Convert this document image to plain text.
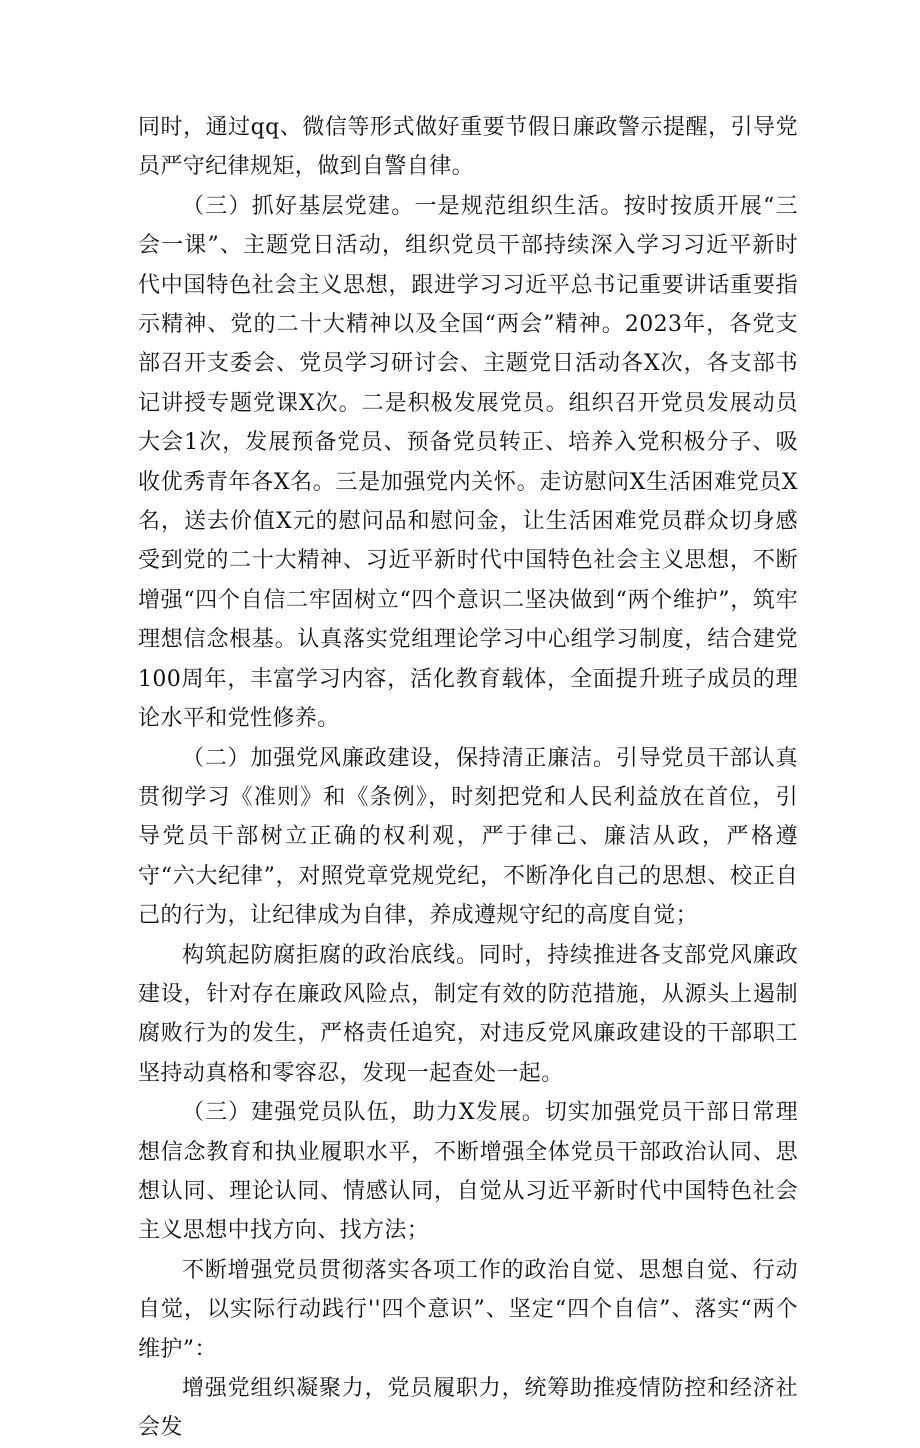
同时，通过qq、微信等形式做好重要节假日廉政警示提醒，引导党员严守纪律规矩，做到自警自律。

（三）抓好基层党建。一是规范组织生活。按时按质开展“三会一课”、主题党日活动，组织党员干部持续深入学习习近平新时代中国特色社会主义思想，跟进学习习近平总书记重要讲话重要指示精神、党的二十大精神以及全国“两会”精神。2023年，各党支部召开支委会、党员学习研讨会、主题党日活动各X次，各支部书记讲授专题党课X次。二是积极发展党员。组织召开党员发展动员大会1次，发展预备党员、预备党员转正、培养入党积极分子、吸收优秀青年各X名。三是加强党内关怀。走访慰问X生活困难党员X名，送去价值X元的慰问品和慰问金，让生活困难党员群众切身感受到党的二十大精神、习近平新时代中国特色社会主义思想，不断增强“四个自信二牢固树立“四个意识二坚决做到“两个维护”，筑牢理想信念根基。认真落实党组理论学习中心组学习制度，结合建党100周年，丰富学习内容，活化教育载体，全面提升班子成员的理论水平和党性修养。

（二）加强党风廉政建设，保持清正廉洁。引导党员干部认真贯彻学习《准则》和《条例》，时刻把党和人民利益放在首位，引导党员干部树立正确的权利观，严于律己、廉洁从政，严格遵守“六大纪律”，对照党章党规党纪，不断净化自己的思想、校正自己的行为，让纪律成为自律，养成遵规守纪的高度自觉；

构筑起防腐拒腐的政治底线。同时，持续推进各支部党风廉政建设，针对存在廉政风险点，制定有效的防范措施，从源头上遏制腐败行为的发生，严格责任追究，对违反党风廉政建设的干部职工坚持动真格和零容忍，发现一起查处一起。

（三）建强党员队伍，助力X发展。切实加强党员干部日常理想信念教育和执业履职水平，不断增强全体党员干部政治认同、思想认同、理论认同、情感认同，自觉从习近平新时代中国特色社会主义思想中找方向、找方法；

不断增强党员贯彻落实各项工作的政治自觉、思想自觉、行动自觉，以实际行动践行''四个意识”、坚定“四个自信”、落实“两个维护”：

增强党组织凝聚力，党员履职力，统筹助推疫情防控和经济社会发
